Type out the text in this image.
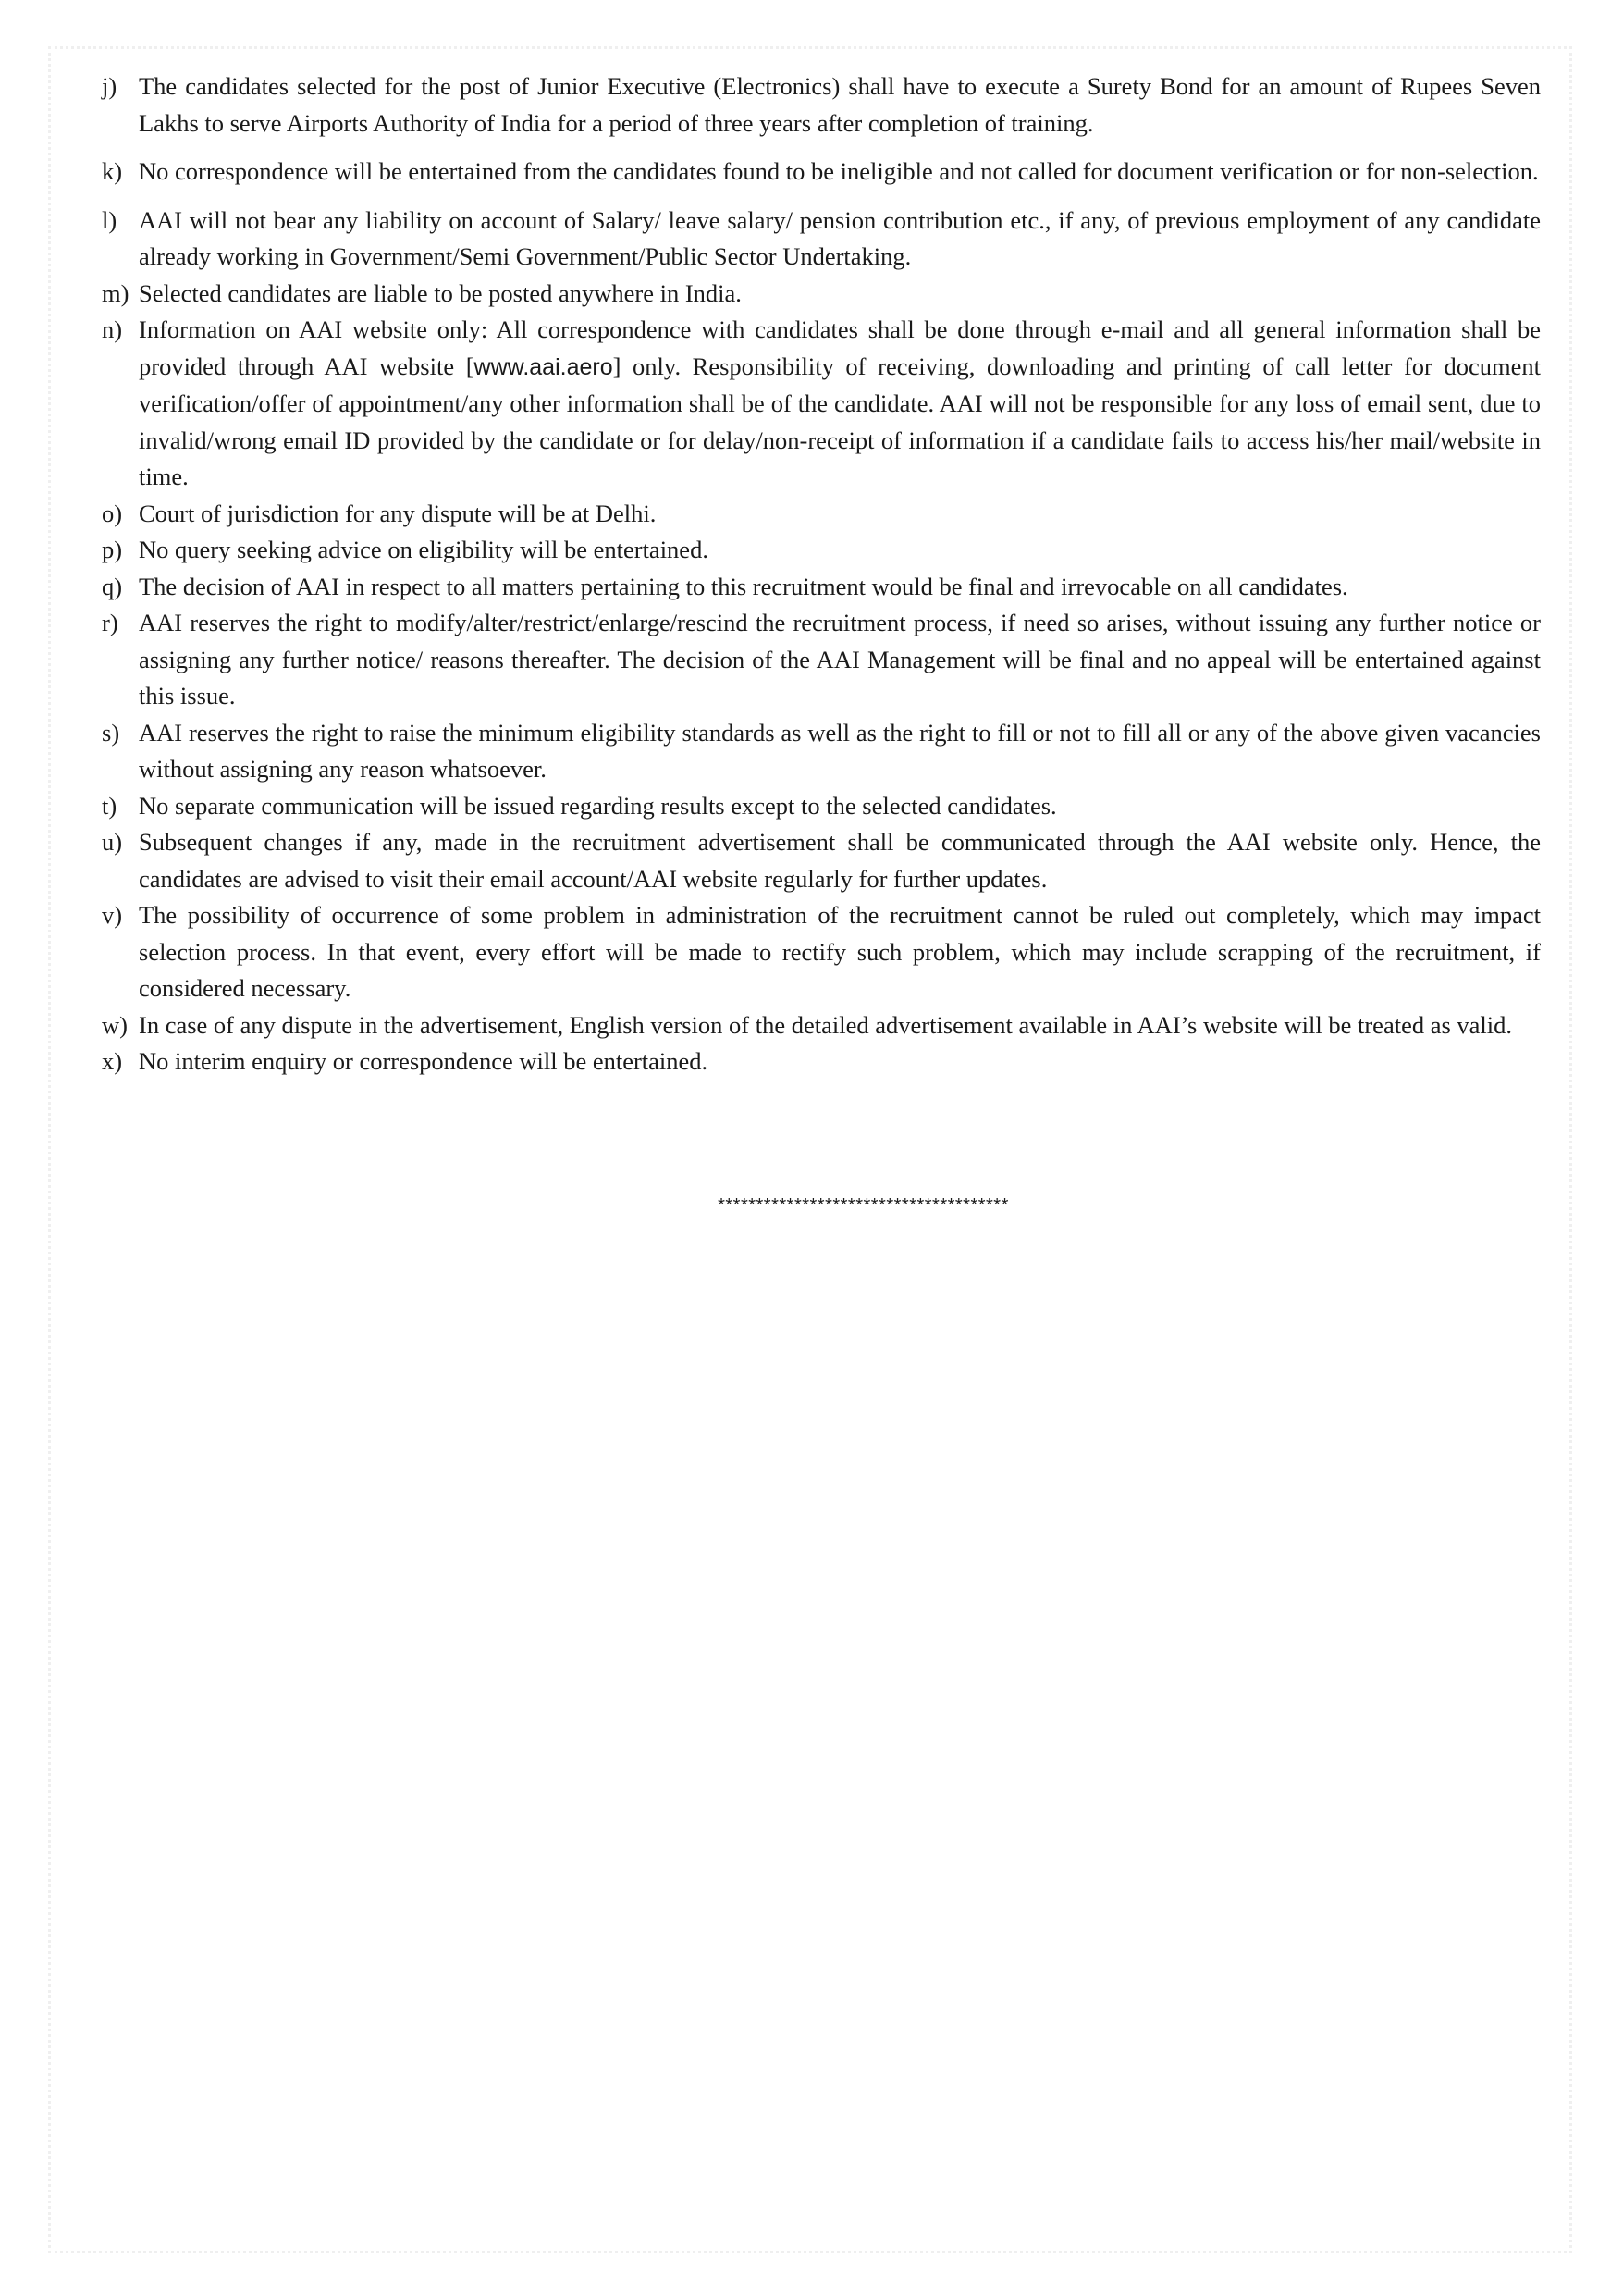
j) The candidates selected for the post of Junior Executive (Electronics) shall have to execute a Surety Bond for an amount of Rupees Seven Lakhs to serve Airports Authority of India for a period of three years after completion of training.
k) No correspondence will be entertained from the candidates found to be ineligible and not called for document verification or for non-selection.
l) AAI will not bear any liability on account of Salary/ leave salary/ pension contribution etc., if any, of previous employment of any candidate already working in Government/Semi Government/Public Sector Undertaking.
m) Selected candidates are liable to be posted anywhere in India.
n) Information on AAI website only: All correspondence with candidates shall be done through e-mail and all general information shall be provided through AAI website [www.aai.aero] only. Responsibility of receiving, downloading and printing of call letter for document verification/offer of appointment/any other information shall be of the candidate. AAI will not be responsible for any loss of email sent, due to invalid/wrong email ID provided by the candidate or for delay/non-receipt of information if a candidate fails to access his/her mail/website in time.
o) Court of jurisdiction for any dispute will be at Delhi.
p) No query seeking advice on eligibility will be entertained.
q) The decision of AAI in respect to all matters pertaining to this recruitment would be final and irrevocable on all candidates.
r) AAI reserves the right to modify/alter/restrict/enlarge/rescind the recruitment process, if need so arises, without issuing any further notice or assigning any further notice/ reasons thereafter. The decision of the AAI Management will be final and no appeal will be entertained against this issue.
s) AAI reserves the right to raise the minimum eligibility standards as well as the right to fill or not to fill all or any of the above given vacancies without assigning any reason whatsoever.
t) No separate communication will be issued regarding results except to the selected candidates.
u) Subsequent changes if any, made in the recruitment advertisement shall be communicated through the AAI website only. Hence, the candidates are advised to visit their email account/AAI website regularly for further updates.
v) The possibility of occurrence of some problem in administration of the recruitment cannot be ruled out completely, which may impact selection process. In that event, every effort will be made to rectify such problem, which may include scrapping of the recruitment, if considered necessary.
w) In case of any dispute in the advertisement, English version of the detailed advertisement available in AAI’s website will be treated as valid.
x) No interim enquiry or correspondence will be entertained.
**************************************
